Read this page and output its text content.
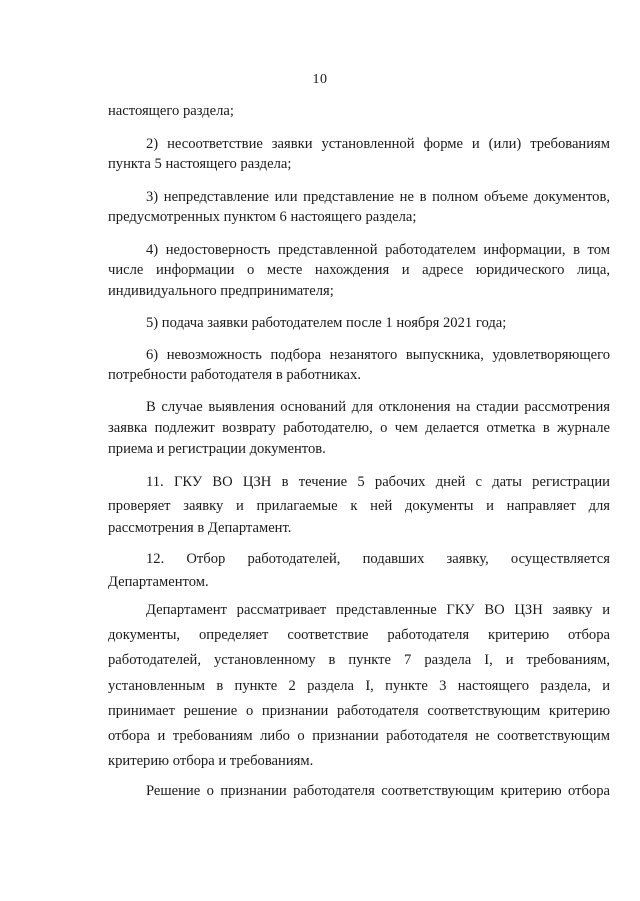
10
настоящего раздела;
2) несоответствие заявки установленной форме и (или) требованиям
пункта 5 настоящего раздела;
3) непредставление или представление не в полном объеме документов,
предусмотренных пунктом 6 настоящего раздела;
4) недостоверность представленной работодателем информации, в том
числе информации о месте нахождения и адресе юридического лица,
индивидуального предпринимателя;
5) подача заявки работодателем после 1 ноября 2021 года;
6) невозможность подбора незанятого выпускника, удовлетворяющего
потребности работодателя в работниках.
В случае выявления оснований для отклонения на стадии рассмотрения
заявка подлежит возврату работодателю, о чем делается отметка в журнале
приема и регистрации документов.
11. ГКУ ВО ЦЗН в течение 5 рабочих дней с даты регистрации
проверяет заявку и прилагаемые к ней документы и направляет для
рассмотрения в Департамент.
12. Отбор работодателей, подавших заявку, осуществляется
Департаментом.
Департамент рассматривает представленные ГКУ ВО ЦЗН заявку и
документы, определяет соответствие работодателя критерию отбора
работодателей, установленному в пункте 7 раздела I, и требованиям,
установленным в пункте 2 раздела I, пункте 3 настоящего раздела, и
принимает решение о признании работодателя соответствующим критерию
отбора и требованиям либо о признании работодателя не соответствующим
критерию отбора и требованиям.
Решение о признании работодателя соответствующим критерию отбора
